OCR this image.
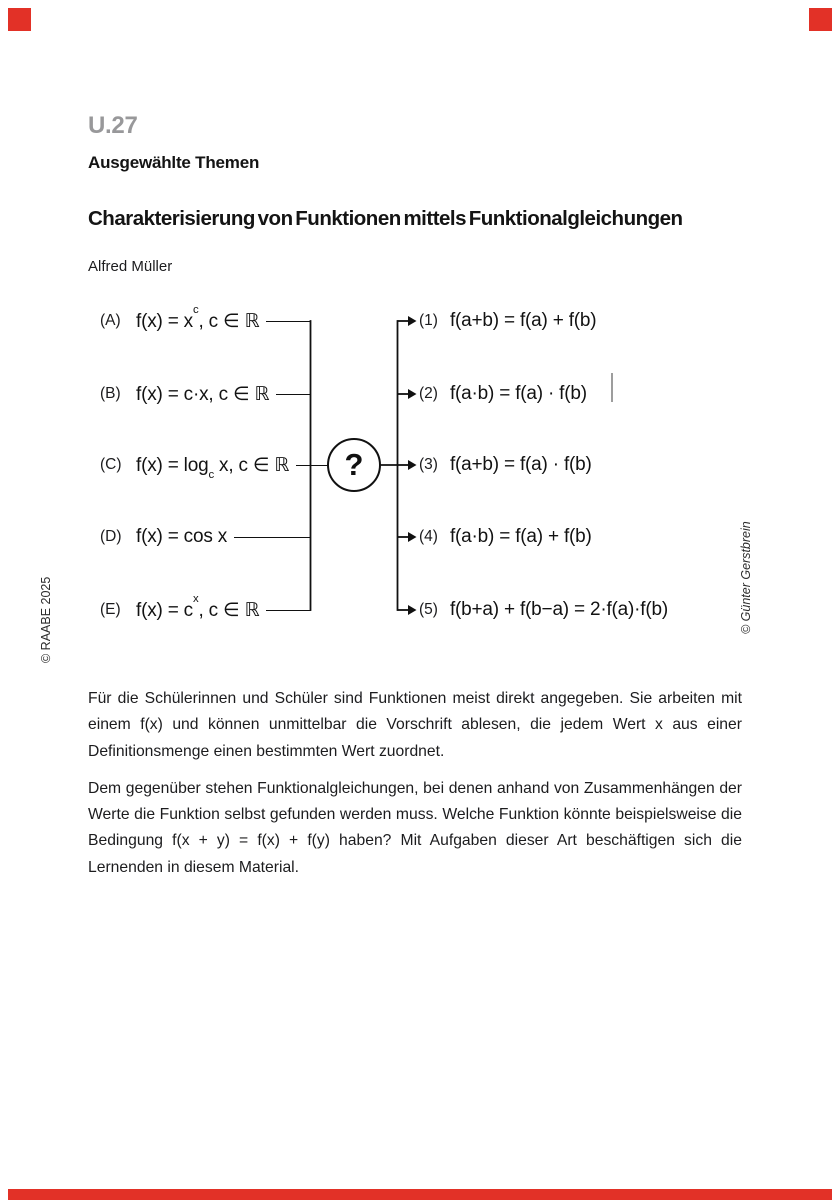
U.27
Ausgewählte Themen
Charakterisierung von Funktionen mittels Funktionalgleichungen
Alfred Müller
(A) $f(x) = x^c$, c ∈ ℝ
(B) f(x) = c·x, c ∈ ℝ
(C) $f(x) = \log_c x$, c ∈ ℝ
(D) f(x) = cos x
(E) $f(x) = c^x$, c ∈ ℝ
(1) f(a+b) = f(a) + f(b)
(2) f(a·b) = f(a) · f(b)
(3) f(a+b) = f(a) · f(b)
(4) f(a·b) = f(a) + f(b)
(5) f(b+a) + f(b−a) = 2·f(a)·f(b)
?
© RAABE 2025	© Günter Gerstbrein

Für die Schülerinnen und Schüler sind Funktionen meist direkt angegeben. Sie arbeiten mit einem f(x) und können unmittelbar die Vorschrift ablesen, die jedem Wert x aus einer Definitionsmenge einen bestimmten Wert zuordnet.

Dem gegenüber stehen Funktionalgleichungen, bei denen anhand von Zusammenhängen der Werte die Funktion selbst gefunden werden muss. Welche Funktion könnte beispielsweise die Bedingung f(x + y) = f(x) + f(y) haben? Mit Aufgaben dieser Art beschäftigen sich die Lernenden in diesem Material.
